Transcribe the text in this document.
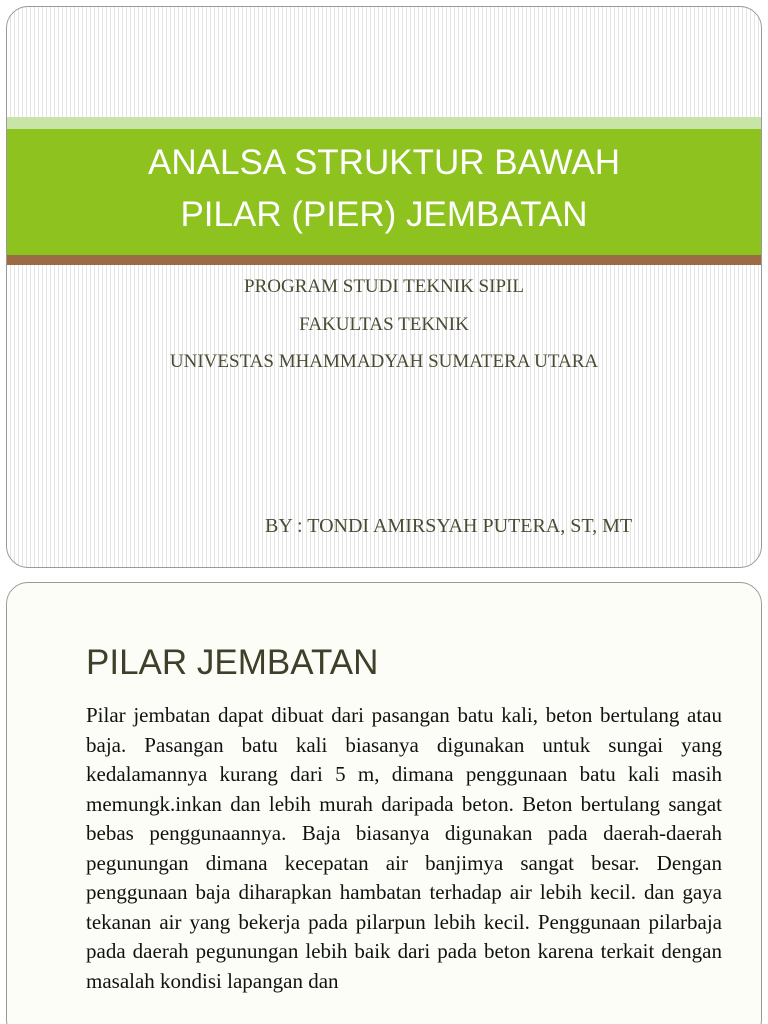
ANALSA STRUKTUR BAWAH
PILAR (PIER) JEMBATAN
PROGRAM STUDI TEKNIK SIPIL
FAKULTAS TEKNIK
UNIVESTAS MHAMMADYAH SUMATERA UTARA
BY : TONDI AMIRSYAH PUTERA, ST, MT
PILAR JEMBATAN

Pilar jembatan dapat dibuat dari pasangan batu kali, beton bertulang atau baja. Pasangan batu kali biasanya digunakan untuk sungai yang kedalamannya kurang dari 5 m, dimana penggunaan batu kali masih memungk.inkan dan lebih murah daripada beton. Beton bertulang sangat bebas penggunaannya. Baja biasanya digunakan pada daerah-daerah pegunungan dimana kecepatan air banjimya sangat besar. Dengan penggunaan baja diharapkan hambatan terhadap air lebih kecil. dan gaya tekanan air yang bekerja pada pilarpun lebih kecil. Penggunaan pilarbaja pada daerah pegunungan lebih baik dari pada beton karena terkait dengan masalah kondisi lapangan dan
